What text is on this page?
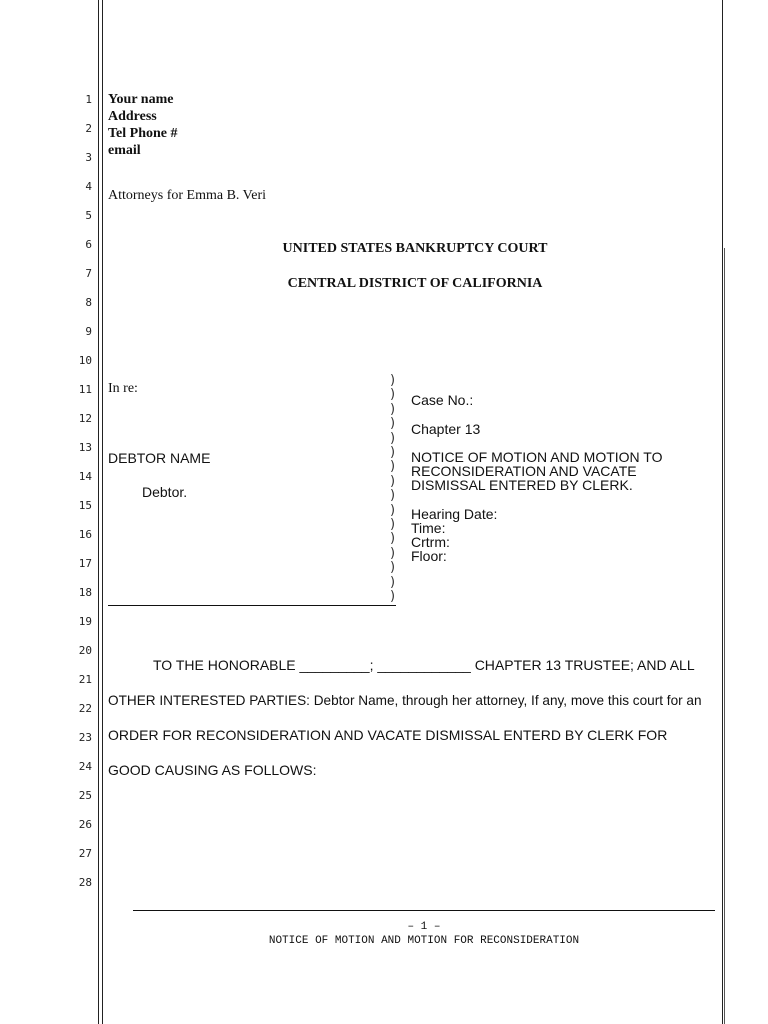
1
2
3
4
5
6
7
8
9
10
11
12
13
14
15
16
17
18
19
20
21
22
23
24
25
26
27
28
Your name
Address
Tel Phone #
email
Attorneys for Emma B. Veri
UNITED STATES BANKRUPTCY COURT
CENTRAL DISTRICT OF CALIFORNIA
In re:
DEBTOR NAME
Debtor.
)
)
)
)
)
)
)
)
)
)
)
)
)
)
)
)
Case No.:
Chapter 13
NOTICE OF MOTION AND MOTION TO
RECONSIDERATION AND VACATE
DISMISSAL ENTERED BY CLERK.
Hearing Date:
Time:
Crtrm:
Floor:
TO THE HONORABLE _________; ____________ CHAPTER 13 TRUSTEE; AND ALL
OTHER INTERESTED PARTIES: Debtor Name, through her attorney, If any, move this court for an
ORDER FOR RECONSIDERATION AND VACATE DISMISSAL ENTERD BY CLERK FOR
GOOD CAUSING AS FOLLOWS:
– 1 –
NOTICE OF MOTION AND MOTION FOR RECONSIDERATION
